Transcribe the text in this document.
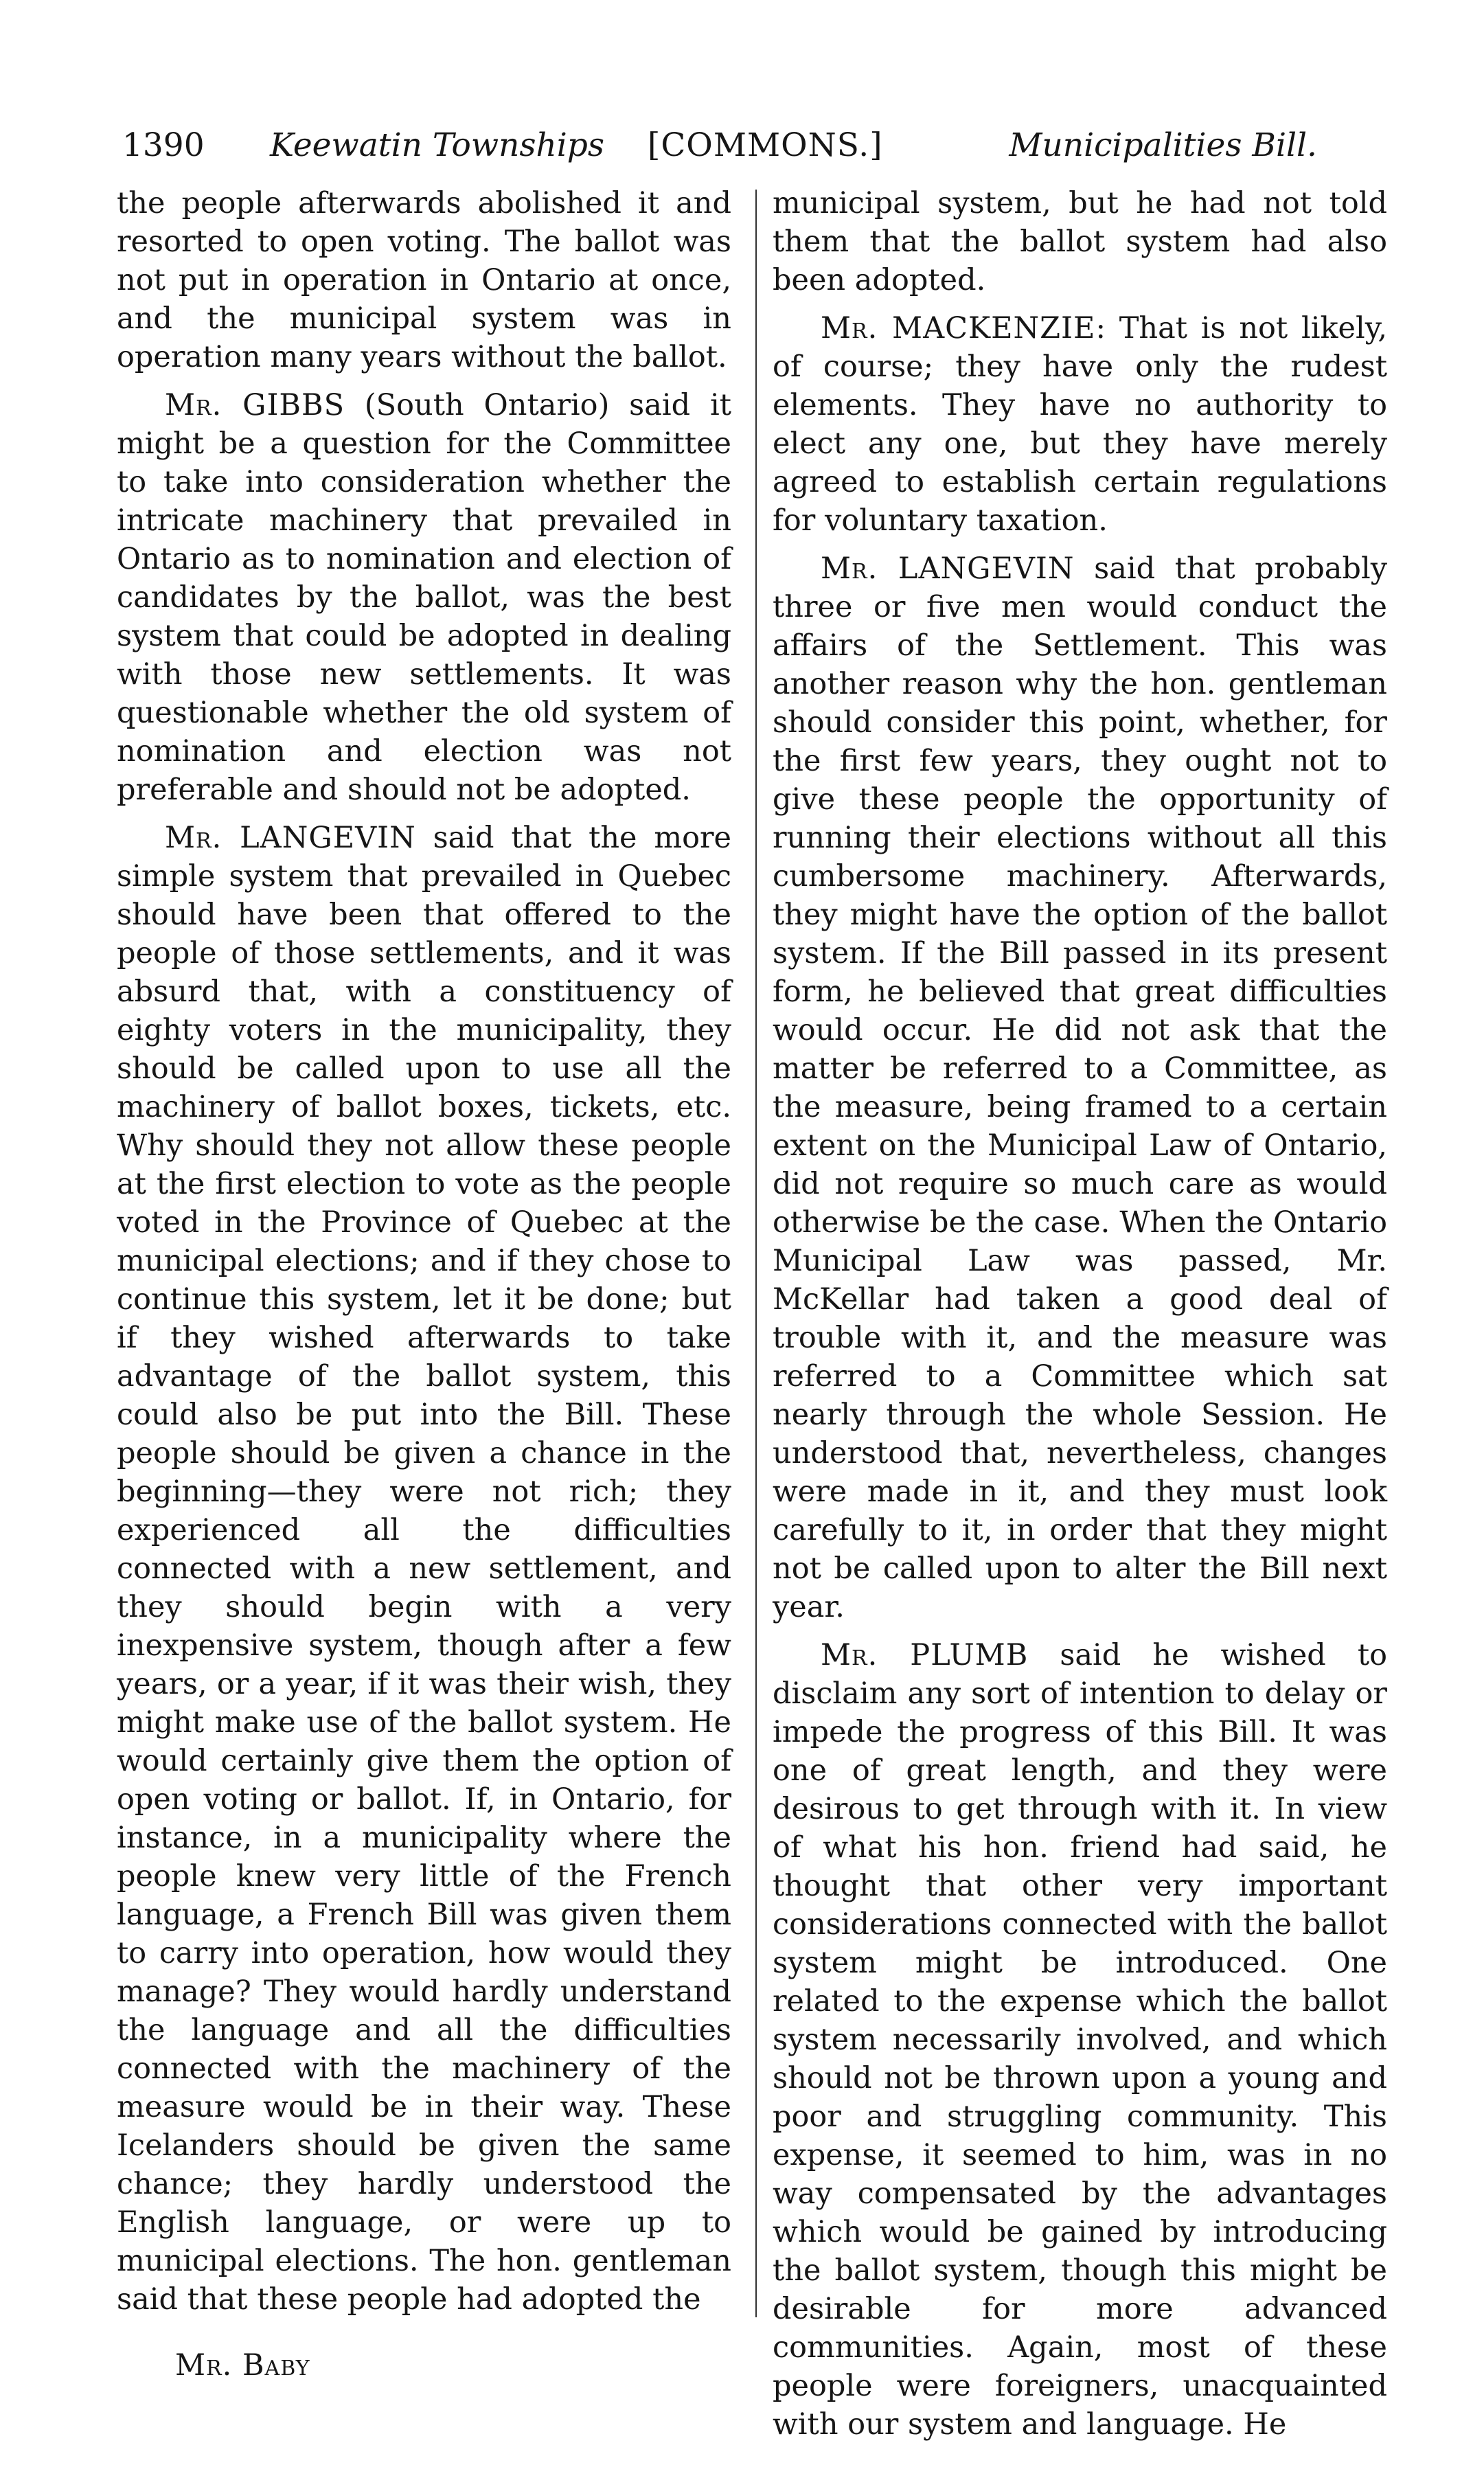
1390 Keewatin Townships [COMMONS.]	Municipalities Bill.

the people afterwards abolished it and resorted to open voting. The ballot was not put in operation in Ontario at once, and the municipal system was in operation many years without the ballot.

Mr. GIBBS (South Ontario) said it might be a question for the Committee to take into consideration whether the intricate machinery that prevailed in Ontario as to nomination and election of candidates by the ballot, was the best system that could be adopted in dealing with those new settlements. It was questionable whether the old system of nomination and election was not preferable and should not be adopted.

Mr. LANGEVIN said that the more simple system that prevailed in Quebec should have been that offered to the people of those settlements, and it was absurd that, with a constituency of eighty voters in the municipality, they should be called upon to use all the machinery of ballot boxes, tickets, etc. Why should they not allow these people at the first election to vote as the people voted in the Province of Quebec at the municipal elections; and if they chose to continue this system, let it be done; but if they wished afterwards to take advantage of the ballot system, this could also be put into the Bill. These people should be given a chance in the beginning—they were not rich; they experienced all the difficulties connected with a new settlement, and they should begin with a very inexpensive system, though after a few years, or a year, if it was their wish, they might make use of the ballot system. He would certainly give them the option of open voting or ballot. If, in Ontario, for instance, in a municipality where the people knew very little of the French language, a French Bill was given them to carry into operation, how would they manage? They would hardly understand the language and all the difficulties connected with the machinery of the measure would be in their way. These Icelanders should be given the same chance; they hardly understood the English language, or were up to municipal elections. The hon. gentleman said that these people had adopted the

municipal system, but he had not told them that the ballot system had also been adopted.

Mr. MACKENZIE: That is not likely, of course; they have only the rudest elements. They have no authority to elect any one, but they have merely agreed to establish certain regulations for voluntary taxation.

Mr. LANGEVIN said that probably three or five men would conduct the affairs of the Settlement. This was another reason why the hon. gentleman should consider this point, whether, for the first few years, they ought not to give these people the opportunity of running their elections without all this cumbersome machinery. Afterwards, they might have the option of the ballot system. If the Bill passed in its present form, he believed that great difficulties would occur. He did not ask that the matter be referred to a Committee, as the measure, being framed to a certain extent on the Municipal Law of Ontario, did not require so much care as would otherwise be the case. When the Ontario Municipal Law was passed, Mr. McKellar had taken a good deal of trouble with it, and the measure was referred to a Committee which sat nearly through the whole Session. He understood that, nevertheless, changes were made in it, and they must look carefully to it, in order that they might not be called upon to alter the Bill next year.

Mr. PLUMB said he wished to disclaim any sort of intention to delay or impede the progress of this Bill. It was one of great length, and they were desirous to get through with it. In view of what his hon. friend had said, he thought that other very important considerations connected with the ballot system might be introduced. One related to the expense which the ballot system necessarily involved, and which should not be thrown upon a young and poor and struggling community. This expense, it seemed to him, was in no way compensated by the advantages which would be gained by introducing the ballot system, though this might be desirable for more advanced communities. Again, most of these people were foreigners, unacquainted with our system and language. He

Mr. Baby
